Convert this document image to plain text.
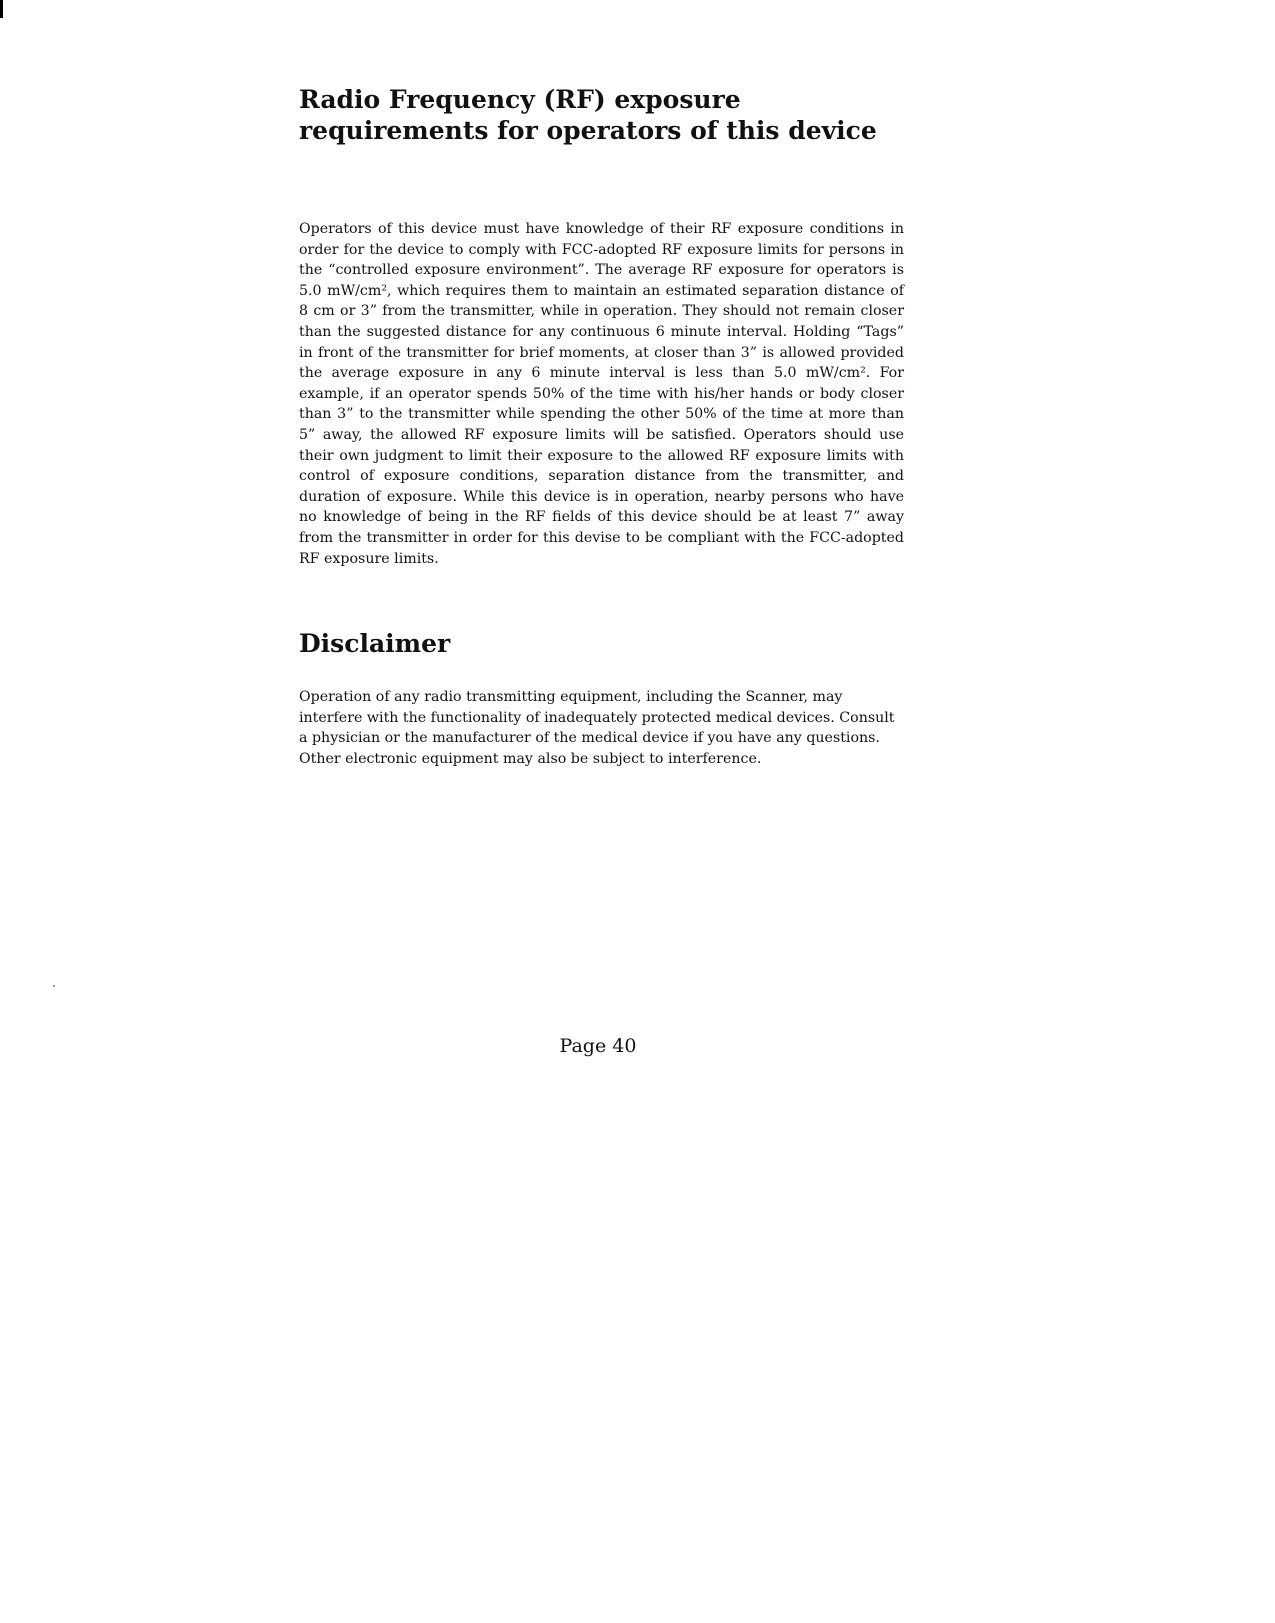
Radio Frequency (RF) exposure requirements for operators of this device

Operators of this device must have knowledge of their RF exposure conditions in order for the device to comply with FCC-adopted RF exposure limits for persons in the “controlled exposure environment”. The average RF exposure for operators is 5.0 mW/cm², which requires them to maintain an estimated separation distance of 8 cm or 3” from the transmitter, while in operation. They should not remain closer than the suggested distance for any continuous 6 minute interval. Holding “Tags” in front of the transmitter for brief moments, at closer than 3” is allowed provided the average exposure in any 6 minute interval is less than 5.0 mW/cm². For example, if an operator spends 50% of the time with his/her hands or body closer than 3” to the transmitter while spending the other 50% of the time at more than 5” away, the allowed RF exposure limits will be satisfied. Operators should use their own judgment to limit their exposure to the allowed RF exposure limits with control of exposure conditions, separation distance from the transmitter, and duration of exposure. While this device is in operation, nearby persons who have no knowledge of being in the RF fields of this device should be at least 7” away from the transmitter in order for this devise to be compliant with the FCC-adopted RF exposure limits.

Disclaimer

Operation of any radio transmitting equipment, including the Scanner, may interfere with the functionality of inadequately protected medical devices. Consult a physician or the manufacturer of the medical device if you have any questions. Other electronic equipment may also be subject to interference.

Page 40
